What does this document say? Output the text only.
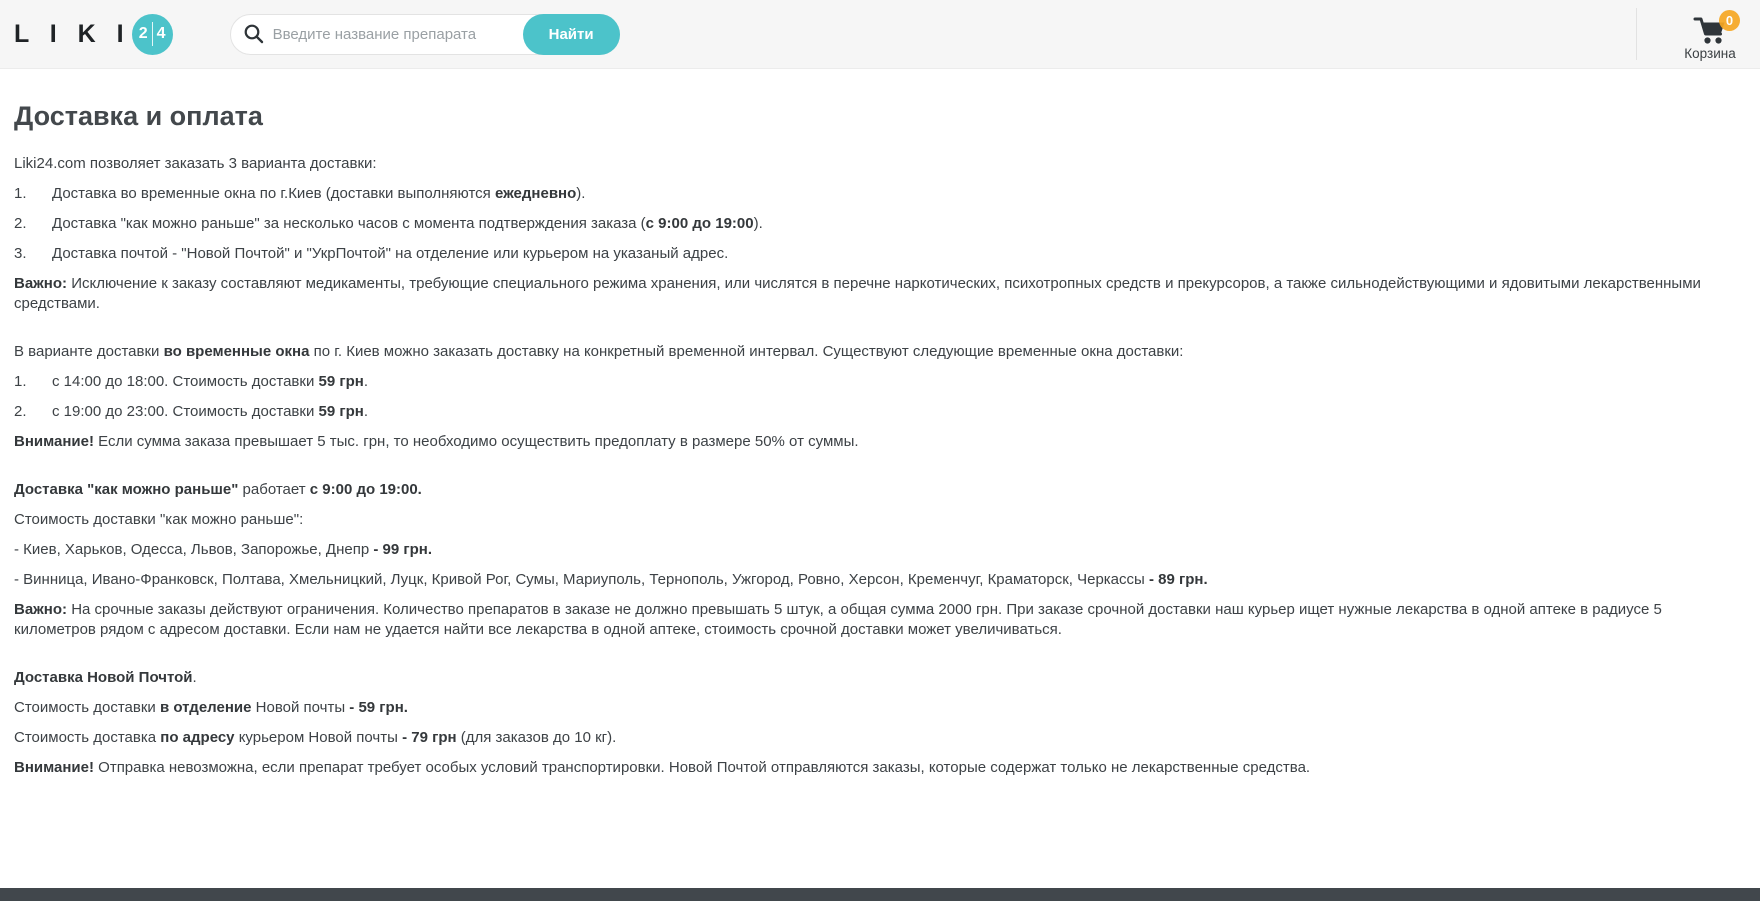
L I K I 2 4
Введите название препарата	Найти
0
Корзина
Доставка и оплата
Liki24.com позволяет заказать 3 варианта доставки:
1.	Доставка во временные окна по г.Киев (доставки выполняются ежедневно).
2.	Доставка "как можно раньше" за несколько часов с момента подтверждения заказа (с 9:00 до 19:00).
3.	Доставка почтой - "Новой Почтой" и "УкрПочтой" на отделение или курьером на указаный адрес.
Важно: Исключение к заказу составляют медикаменты, требующие специального режима хранения, или числятся в перечне наркотических, психотропных средств и прекурсоров, а также сильнодействующими и ядовитыми лекарственными средствами.
В варианте доставки во временные окна по г. Киев можно заказать доставку на конкретный временной интервал. Существуют следующие временные окна доставки:
1.	с 14:00 до 18:00. Стоимость доставки 59 грн.
2.	с 19:00 до 23:00. Стоимость доставки 59 грн.
Внимание! Если сумма заказа превышает 5 тыс. грн, то необходимо осуществить предоплату в размере 50% от суммы.
Доставка "как можно раньше" работает с 9:00 до 19:00.
Стоимость доставки "как можно раньше":
- Киев, Харьков, Одесса, Львов, Запорожье, Днепр - 99 грн.
- Винница, Ивано-Франковск, Полтава, Хмельницкий, Луцк, Кривой Рог, Сумы, Мариуполь, Тернополь, Ужгород, Ровно, Херсон, Кременчуг, Краматорск, Черкассы - 89 грн.
Важно: На срочные заказы действуют ограничения. Количество препаратов в заказе не должно превышать 5 штук, а общая сумма 2000 грн. При заказе срочной доставки наш курьер ищет нужные лекарства в одной аптеке в радиусе 5 километров рядом с адресом доставки. Если нам не удается найти все лекарства в одной аптеке, стоимость срочной доставки может увеличиваться.
Доставка Новой Почтой.
Стоимость доставки в отделение Новой почты - 59 грн.
Стоимость доставка по адресу курьером Новой почты - 79 грн (для заказов до 10 кг).
Внимание! Отправка невозможна, если препарат требует особых условий транспортировки. Новой Почтой отправляются заказы, которые содержат только не лекарственные средства.
